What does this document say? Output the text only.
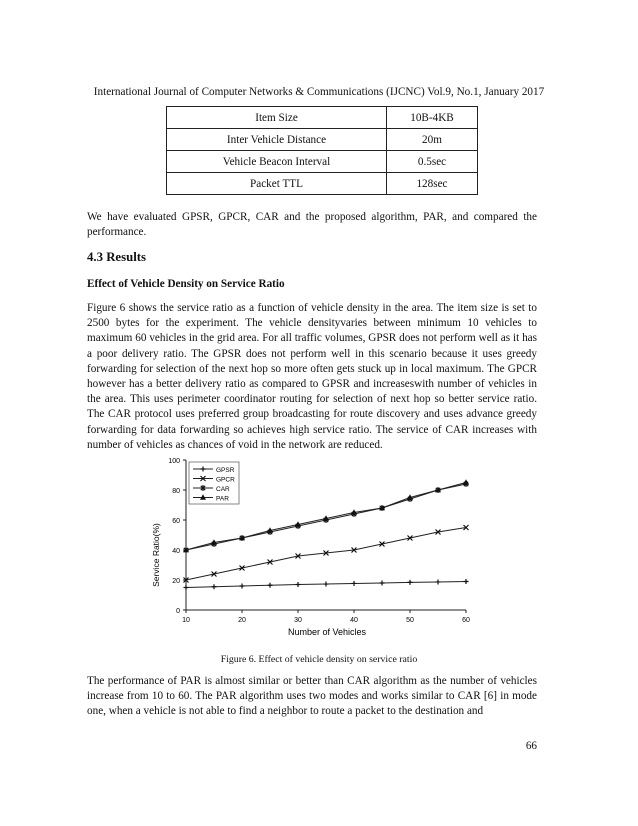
International Journal of Computer Networks & Communications (IJCNC) Vol.9, No.1, January 2017
Item Size	10B-4KB
Inter Vehicle Distance	20m
Vehicle Beacon Interval	0.5sec
Packet TTL	128sec

We have evaluated GPSR, GPCR, CAR and the proposed algorithm, PAR, and compared the performance.

4.3 Results
Effect of Vehicle Density on Service Ratio

Figure 6 shows the service ratio as a function of vehicle density in the area. The item size is set to 2500 bytes for the experiment. The vehicle densityvaries between minimum 10 vehicles to maximum 60 vehicles in the grid area. For all traffic volumes, GPSR does not perform well as it has a poor delivery ratio. The GPSR does not perform well in this scenario because it uses greedy forwarding for selection of the next hop so more often gets stuck up in local maximum. The GPCR however has a better delivery ratio as compared to GPSR and increaseswith number of vehicles in the area. This uses perimeter coordinator routing for selection of next hop so better service ratio. The CAR protocol uses preferred group broadcasting for route discovery and uses advance greedy forwarding for data forwarding so achieves high service ratio. The service of CAR increases with number of vehicles as chances of void in the network are reduced.

0
20
40
60
80
100
10	20	30	40	50	60
GPSR
GPCR
CAR
PAR
Service Ratio(%)
Number of Vehicles
Figure 6. Effect of vehicle density on service ratio

The performance of PAR is almost similar or better than CAR algorithm as the number of vehicles increase from 10 to 60. The PAR algorithm uses two modes and works similar to CAR [6] in mode one, when a vehicle is not able to find a neighbor to route a packet to the destination and

66
